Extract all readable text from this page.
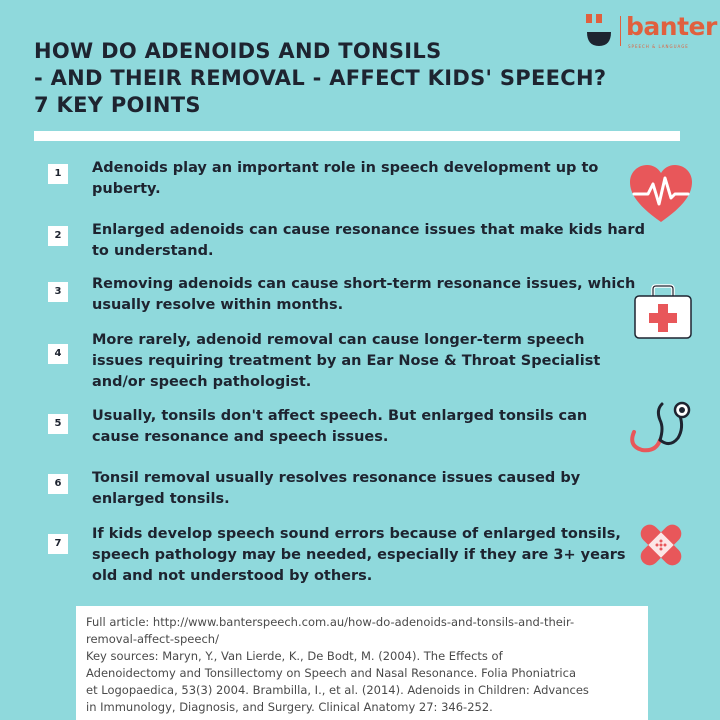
HOW DO ADENOIDS AND TONSILS
- AND THEIR REMOVAL - AFFECT KIDS' SPEECH?
7 KEY POINTS
banter
SPEECH & LANGUAGE
1	Adenoids play an important role in speech development up to
puberty.
2	Enlarged adenoids can cause resonance issues that make kids hard
to understand.
3	Removing adenoids can cause short-term resonance issues, which
usually resolve within months.
4
More rarely, adenoid removal can cause longer-term speech
issues requiring treatment by an Ear Nose & Throat Specialist
and/or speech pathologist.
5	Usually, tonsils don't affect speech. But enlarged tonsils can
cause resonance and speech issues.
6	Tonsil removal usually resolves resonance issues caused by
enlarged tonsils.
7
If kids develop speech sound errors because of enlarged tonsils,
speech pathology may be needed, especially if they are 3+ years
old and not understood by others.
Full article: http://www.banterspeech.com.au/how-do-adenoids-and-tonsils-and-their-
removal-affect-speech/
Key sources: Maryn, Y., Van Lierde, K., De Bodt, M. (2004). The Effects of
Adenoidectomy and Tonsillectomy on Speech and Nasal Resonance. Folia Phoniatrica
et Logopaedica, 53(3) 2004. Brambilla, I., et al. (2014). Adenoids in Children: Advances
in Immunology, Diagnosis, and Surgery. Clinical Anatomy 27: 346-252.
